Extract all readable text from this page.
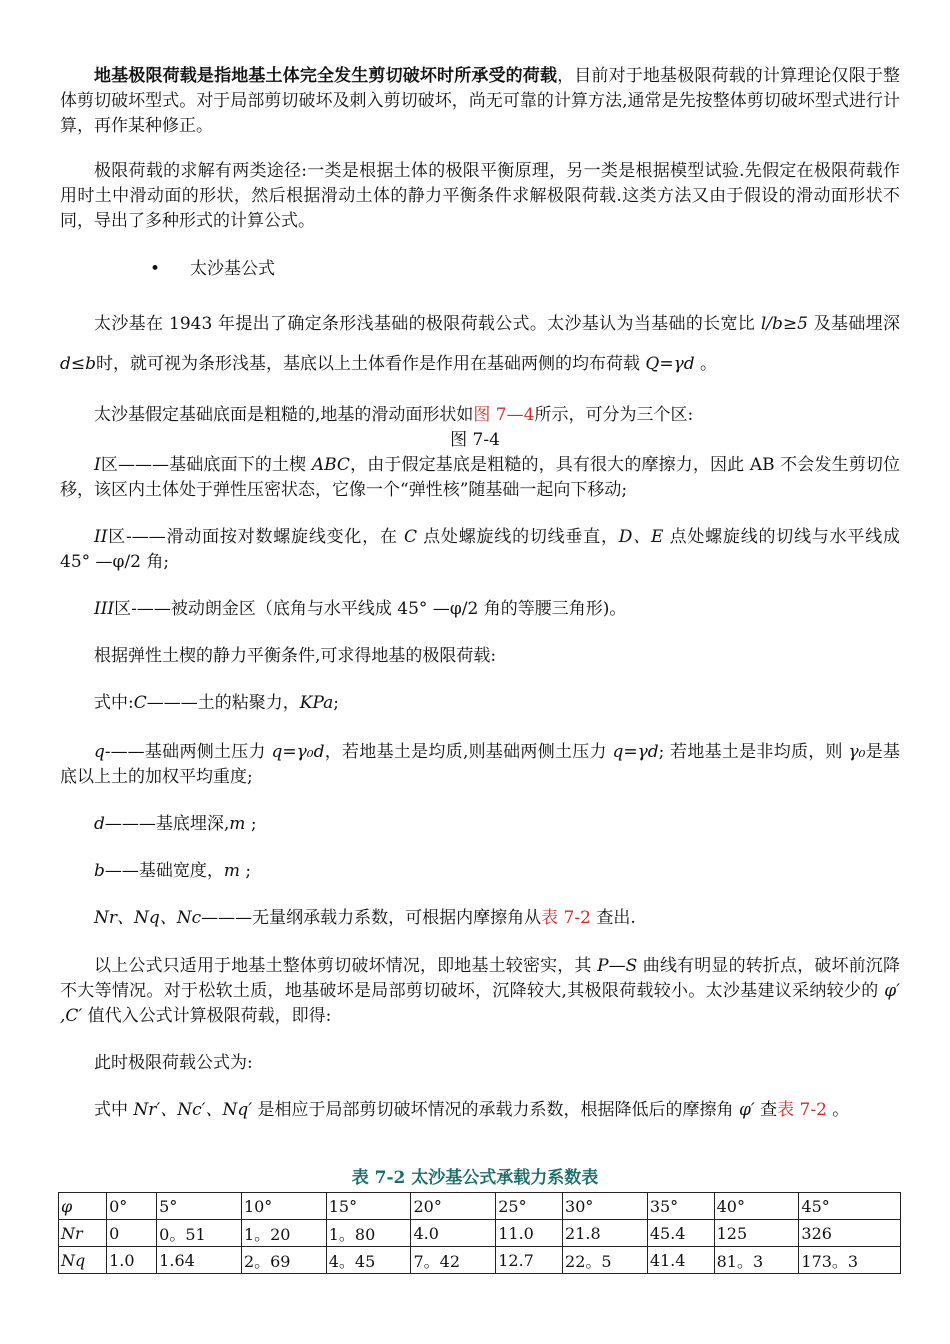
地基极限荷载是指地基土体完全发生剪切破坏时所承受的荷载，目前对于地基极限荷载的计算理论仅限于整体剪切破坏型式。对于局部剪切破坏及刺入剪切破坏，尚无可靠的计算方法,通常是先按整体剪切破坏型式进行计算，再作某种修正。

极限荷载的求解有两类途径:一类是根据土体的极限平衡原理，另一类是根据模型试验.先假定在极限荷载作用时土中滑动面的形状，然后根据滑动土体的静力平衡条件求解极限荷载.这类方法又由于假设的滑动面形状不同，导出了多种形式的计算公式。

• 太沙基公式

太沙基在 1943 年提出了确定条形浅基础的极限荷载公式。太沙基认为当基础的长宽比 l/b≥5 及基础埋深 d≤b时，就可视为条形浅基，基底以上土体看作是作用在基础两侧的均布荷载 Q=γd 。

太沙基假定基础底面是粗糙的,地基的滑动面形状如图 7—4所示，可分为三个区:

图 7-4

I区———基础底面下的土楔 ABC，由于假定基底是粗糙的，具有很大的摩擦力，因此 AB 不会发生剪切位移，该区内土体处于弹性压密状态，它像一个“弹性核”随基础一起向下移动;

II区-——滑动面按对数螺旋线变化，在 C 点处螺旋线的切线垂直，D、E 点处螺旋线的切线与水平线成 45° —φ/2 角;

III区-——被动朗金区（底角与水平线成 45° —φ/2 角的等腰三角形)。

根据弹性土楔的静力平衡条件,可求得地基的极限荷载:

式中:C———土的粘聚力，KPa;

q-——基础两侧土压力 q=γ₀d，若地基土是均质,则基础两侧土压力 q=γd; 若地基土是非均质，则 γ₀是基底以上土的加权平均重度;

d———基底埋深,m ;

b——基础宽度，m ;

Nr、Nq、Nc———无量纲承载力系数，可根据内摩擦角从表 7-2 查出.

以上公式只适用于地基土整体剪切破坏情况，即地基土较密实，其 P—S 曲线有明显的转折点，破坏前沉降不大等情况。对于松软土质，地基破坏是局部剪切破坏，沉降较大,其极限荷载较小。太沙基建议采纳较少的 φ′ ,C′ 值代入公式计算极限荷载，即得:

此时极限荷载公式为:

式中 Nr′、Nc′、Nq′ 是相应于局部剪切破坏情况的承载力系数，根据降低后的摩擦角 φ′ 查表 7-2 。

表 7-2 太沙基公式承载力系数表
φ	0°	5°	10°	15°	20°	25°	30°	35°	40°	45°
Nr	0	0。51	1。20	1。80	4.0	11.0	21.8	45.4	125	326
Nq	1.0	1.64	2。69	4。45	7。42	12.7	22。5	41.4	81。3	173。3
